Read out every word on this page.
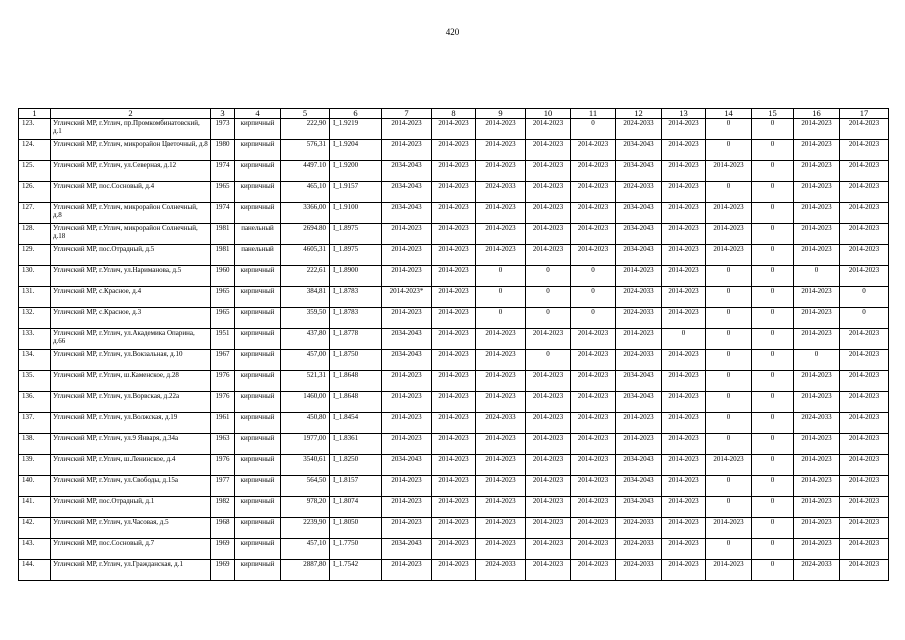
420
1	2	3	4	5	6	7	8	9	10	11	12	13	14	15	16	17
123.	Угличский МР, г.Углич, пр.Промкомбинатовский, д.1	1973	кирпичный	222,90	I_1.9219	2014-2023	2014-2023	2014-2023	2014-2023	0	2024-2033	2014-2023	0	0	2014-2023	2014-2023
124.	Угличский МР, г.Углич, микрорайон Цветочный, д.8	1980	кирпичный	576,31	I_1.9204	2014-2023	2014-2023	2014-2023	2014-2023	2014-2023	2034-2043	2014-2023	0	0	2014-2023	2014-2023
125.	Угличский МР, г.Углич, ул.Северная, д.12	1974	кирпичный	4497.10	I_1.9200	2034-2043	2014-2023	2014-2023	2014-2023	2014-2023	2034-2043	2014-2023	2014-2023	0	2014-2023	2014-2023
126.	Угличский МР, пос.Сосновый, д.4	1965	кирпичный	465,10	I_1.9157	2034-2043	2014-2023	2024-2033	2014-2023	2014-2023	2024-2033	2014-2023	0	0	2014-2023	2014-2023
127.	Угличский МР, г.Углич, микрорайон Солнечный, д.8	1974	кирпичный	3366,00	I_1.9100	2034-2043	2014-2023	2014-2023	2014-2023	2014-2023	2034-2043	2014-2023	2014-2023	0	2014-2023	2014-2023
128.	Угличский МР, г.Углич, микрорайон Солнечный, д.18	1981	панельный	2694.80	I_1.8975	2014-2023	2014-2023	2014-2023	2014-2023	2014-2023	2034-2043	2014-2023	2014-2023	0	2014-2023	2014-2023
129.	Угличский МР, пос.Отрадный, д.5	1981	панельный	4605,31	I_1.8975	2014-2023	2014-2023	2014-2023	2014-2023	2014-2023	2034-2043	2014-2023	2014-2023	0	2014-2023	2014-2023
130.	Угличский МР, г.Углич, ул.Нариманова, д.5	1960	кирпичный	222,61	I_1.8900	2014-2023	2014-2023	0	0	0	2014-2023	2014-2023	0	0	0	2014-2023
131.	Угличский МР, с.Красное, д.4	1965	кирпичный	384,81	I_1.8783	2014-2023*	2014-2023	0	0	0	2024-2033	2014-2023	0	0	2014-2023	0
132.	Угличский МР, с.Красное, д.3	1965	кирпичный	359,50	I_1.8783	2014-2023	2014-2023	0	0	0	2024-2033	2014-2023	0	0	2014-2023	0
133.	Угличский МР, г.Углич, ул.Академика Опарина, д.66	1951	кирпичный	437,80	I_1.8778	2034-2043	2014-2023	2014-2023	2014-2023	2014-2023	2014-2023	0	0	0	2014-2023	2014-2023
134.	Угличский МР, г.Углич, ул.Вокзальная, д.10	1967	кирпичный	457,00	I_1.8750	2034-2043	2014-2023	2014-2023	0	2014-2023	2024-2033	2014-2023	0	0	0	2014-2023
135.	Угличский МР, г.Углич, ш.Каменское, д.28	1976	кирпичный	521,31	I_1.8648	2014-2023	2014-2023	2014-2023	2014-2023	2014-2023	2034-2043	2014-2023	0	0	2014-2023	2014-2023
136.	Угличский МР, г.Углич, ул.Ворвская, д.22а	1976	кирпичный	1460,00	I_1.8648	2014-2023	2014-2023	2014-2023	2014-2023	2014-2023	2034-2043	2014-2023	0	0	2014-2023	2014-2023
137.	Угличский МР, г.Углич, ул.Волжская, д.19	1961	кирпичный	450,80	I_1.8454	2014-2023	2014-2023	2024-2033	2014-2023	2014-2023	2014-2023	2014-2023	0	0	2024-2033	2014-2023
138.	Угличский МР, г.Углич, ул.9 Января, д.34а	1963	кирпичный	1977,00	I_1.8361	2014-2023	2014-2023	2014-2023	2014-2023	2014-2023	2014-2023	2014-2023	0	0	2014-2023	2014-2023
139.	Угличский МР, г.Углич, ш.Ленинское, д.4	1976	кирпичный	3540,61	I_1.8250	2034-2043	2014-2023	2014-2023	2014-2023	2014-2023	2034-2043	2014-2023	2014-2023	0	2014-2023	2014-2023
140.	Угличский МР, г.Углич, ул.Свободы, д.15а	1977	кирпичный	564,50	I_1.8157	2014-2023	2014-2023	2014-2023	2014-2023	2014-2023	2034-2043	2014-2023	0	0	2014-2023	2014-2023
141.	Угличский МР, пос.Отрадный, д.1	1982	кирпичный	978,20	I_1.8074	2014-2023	2014-2023	2014-2023	2014-2023	2014-2023	2034-2043	2014-2023	0	0	2014-2023	2014-2023
142.	Угличский МР, г.Углич, ул.Часовая, д.5	1968	кирпичный	2239,90	I_1.8050	2014-2023	2014-2023	2014-2023	2014-2023	2014-2023	2024-2033	2014-2023	2014-2023	0	2014-2023	2014-2023
143.	Угличский МР, пос.Сосновый, д.7	1969	кирпичный	457,10	I_1.7750	2034-2043	2014-2023	2014-2023	2014-2023	2014-2023	2024-2033	2014-2023	0	0	2014-2023	2014-2023
144.	Угличский МР, г.Углич, ул.Гражданская, д.1	1969	кирпичный	2887,80	I_1.7542	2014-2023	2014-2023	2024-2033	2014-2023	2014-2023	2024-2033	2014-2023	2014-2023	0	2024-2033	2014-2023
